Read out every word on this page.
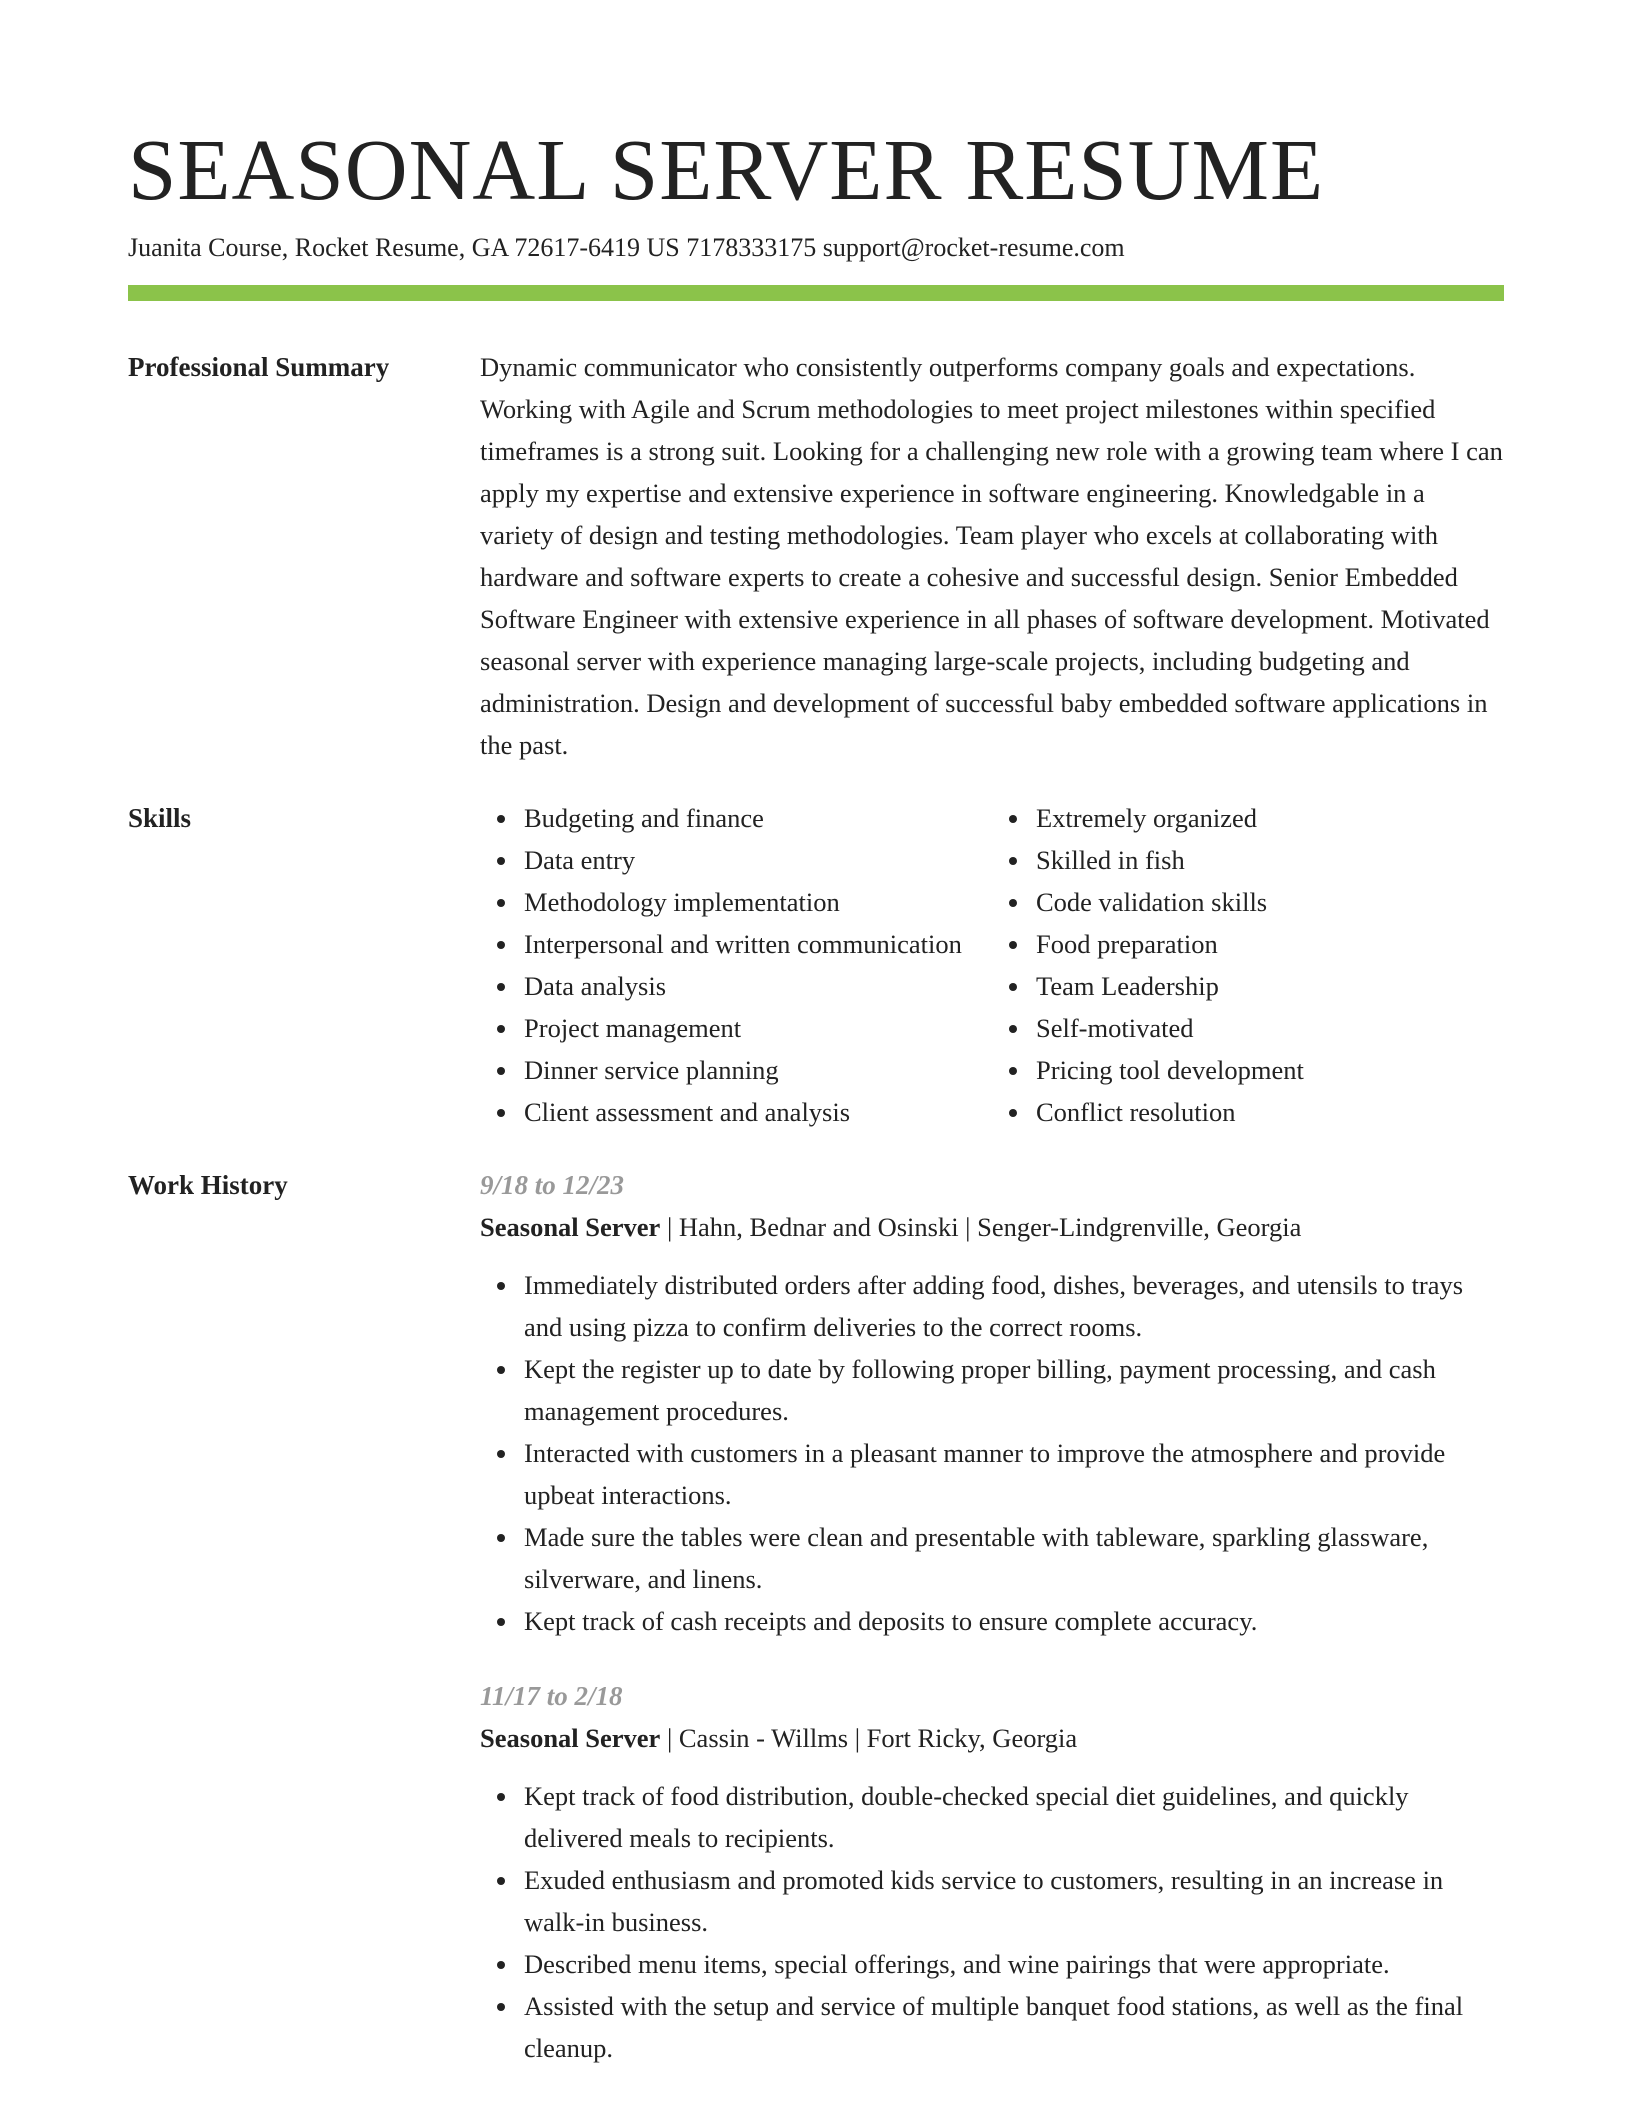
SEASONAL SERVER RESUME
Juanita Course, Rocket Resume, GA 72617-6419 US 7178333175 support@rocket-resume.com
Professional Summary	Dynamic communicator who consistently outperforms company goals and expectations. Working with Agile and Scrum methodologies to meet project milestones within specified timeframes is a strong suit. Looking for a challenging new role with a growing team where I can apply my expertise and extensive experience in software engineering. Knowledgable in a variety of design and testing methodologies. Team player who excels at collaborating with hardware and software experts to create a cohesive and successful design. Senior Embedded Software Engineer with extensive experience in all phases of software development. Motivated seasonal server with experience managing large-scale projects, including budgeting and administration. Design and development of successful baby embedded software applications in the past.
Skills	Budgeting and finance
Data entry
Methodology implementation
Interpersonal and written communication
Data analysis
Project management
Dinner service planning
Client assessment and analysis
Extremely organized
Skilled in fish
Code validation skills
Food preparation
Team Leadership
Self-motivated
Pricing tool development
Conflict resolution
Work History	9/18 to 12/23
Seasonal Server | Hahn, Bednar and Osinski | Senger-Lindgrenville, Georgia
Immediately distributed orders after adding food, dishes, beverages, and utensils to trays and using pizza to confirm deliveries to the correct rooms.
Kept the register up to date by following proper billing, payment processing, and cash management procedures.
Interacted with customers in a pleasant manner to improve the atmosphere and provide upbeat interactions.
Made sure the tables were clean and presentable with tableware, sparkling glassware, silverware, and linens.
Kept track of cash receipts and deposits to ensure complete accuracy.
11/17 to 2/18
Seasonal Server | Cassin - Willms | Fort Ricky, Georgia
Kept track of food distribution, double-checked special diet guidelines, and quickly delivered meals to recipients.
Exuded enthusiasm and promoted kids service to customers, resulting in an increase in walk-in business.
Described menu items, special offerings, and wine pairings that were appropriate.
Assisted with the setup and service of multiple banquet food stations, as well as the final cleanup.
